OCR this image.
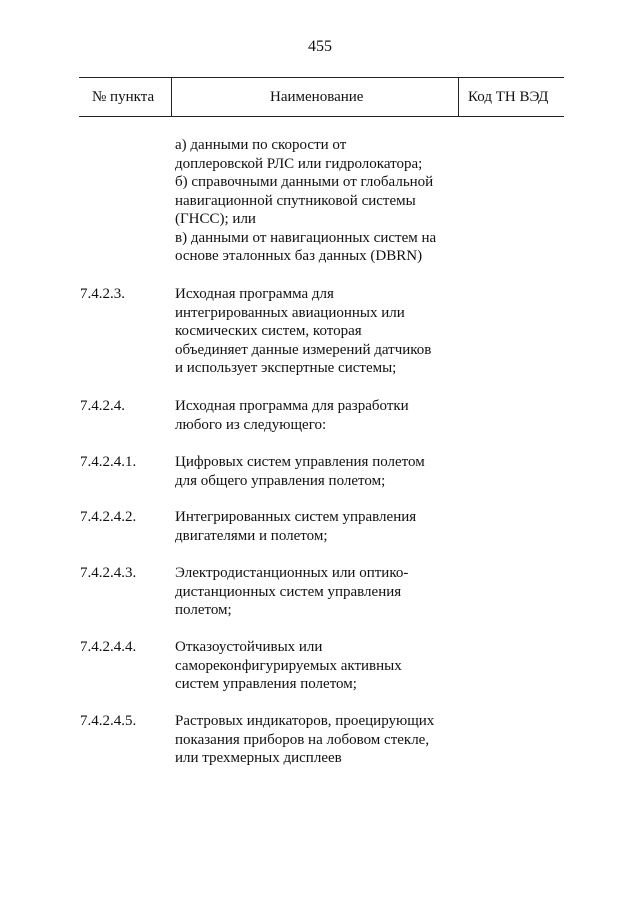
455
№ пункта	Наименование	Код ТН ВЭД
а) данными по скорости от
доплеровской РЛС или гидролокатора;
б) справочными данными от глобальной
навигационной спутниковой системы
(ГНСС); или
в) данными от навигационных систем на
основе эталонных баз данных (DBRN)
7.4.2.3.	Исходная программа для
интегрированных авиационных или
космических систем, которая
объединяет данные измерений датчиков
и использует экспертные системы;
7.4.2.4.	Исходная программа для разработки
любого из следующего:
7.4.2.4.1.	Цифровых систем управления полетом
для общего управления полетом;
7.4.2.4.2.	Интегрированных систем управления
двигателями и полетом;
7.4.2.4.3.	Электродистанционных или оптико-
дистанционных систем управления
полетом;
7.4.2.4.4.	Отказоустойчивых или
самореконфигурируемых активных
систем управления полетом;
7.4.2.4.5.	Растровых индикаторов, проецирующих
показания приборов на лобовом стекле,
или трехмерных дисплеев
